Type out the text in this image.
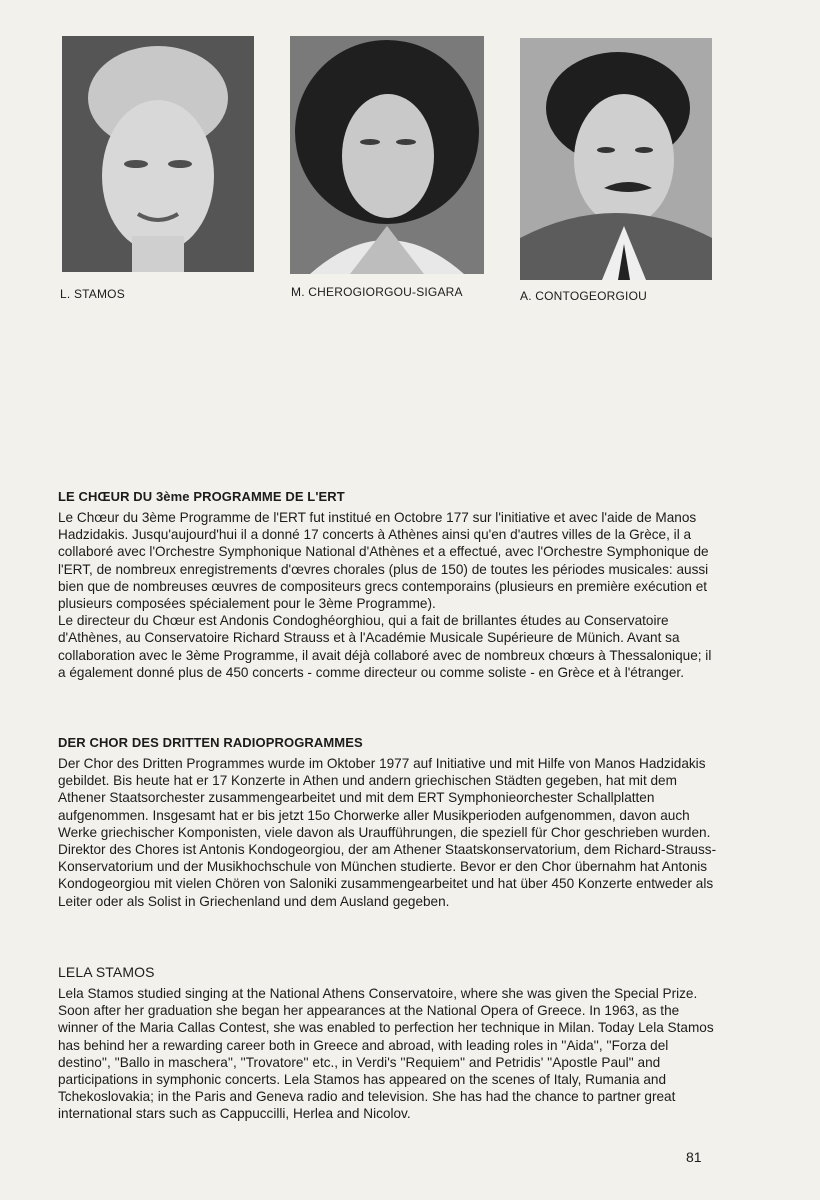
L. STAMOS	M. CHEROGIORGOU-SIGARA	A. CONTOGEORGIOU
LE CHŒUR DU 3ème PROGRAMME DE L'ERT

Le Chœur du 3ème Programme de l'ERT fut institué en Octobre 177 sur l'initiative et avec l'aide de Manos Hadzidakis. Jusqu'aujourd'hui il a donné 17 concerts à Athènes ainsi qu'en d'autres villes de la Grèce, il a collaboré avec l'Orchestre Symphonique National d'Athènes et a effectué, avec l'Orchestre Symphonique de l'ERT, de nombreux enregistrements d'œvres chorales (plus de 150) de toutes les périodes musicales: aussi bien que de nombreuses œuvres de compositeurs grecs contemporains (plusieurs en première exécution et plusieurs composées spécialement pour le 3ème Programme).

Le directeur du Chœur est Andonis Condoghéorghiou, qui a fait de brillantes études au Conservatoire d'Athènes, au Conservatoire Richard Strauss et à l'Académie Musicale Supérieure de Münich. Avant sa collaboration avec le 3ème Programme, il avait déjà collaboré avec de nombreux chœurs à Thessalonique; il a également donné plus de 450 concerts - comme directeur ou comme soliste - en Grèce et à l'étranger.

DER CHOR DES DRITTEN RADIOPROGRAMMES

Der Chor des Dritten Programmes wurde im Oktober 1977 auf Initiative und mit Hilfe von Manos Hadzidakis gebildet. Bis heute hat er 17 Konzerte in Athen und andern griechischen Städten gegeben, hat mit dem Athener Staatsorchester zusammengearbeitet und mit dem ERT Symphonieorchester Schallplatten aufgenommen. Insgesamt hat er bis jetzt 15o Chorwerke aller Musikperioden aufgenommen, davon auch Werke griechischer Komponisten, viele davon als Uraufführungen, die speziell für Chor geschrieben wurden. Direktor des Chores ist Antonis Kondogeorgiou, der am Athener Staatskonservatorium, dem Richard-Strauss-Konservatorium und der Musikhochschule von München studierte. Bevor er den Chor übernahm hat Antonis Kondogeorgiou mit vielen Chören von Saloniki zusammengearbeitet und hat über 450 Konzerte entweder als Leiter oder als Solist in Griechenland und dem Ausland gegeben.

LELA STAMOS

Lela Stamos studied singing at the National Athens Conservatoire, where she was given the Special Prize. Soon after her graduation she began her appearances at the National Opera of Greece. In 1963, as the winner of the Maria Callas Contest, she was enabled to perfection her technique in Milan. Today Lela Stamos has behind her a rewarding career both in Greece and abroad, with leading roles in ''Aida'', ''Forza del destino'', ''Ballo in maschera'', ''Trovatore'' etc., in Verdi's ''Requiem'' and Petridis' ''Apostle Paul'' and participations in symphonic concerts. Lela Stamos has appeared on the scenes of Italy, Rumania and Tchekoslovakia; in the Paris and Geneva radio and television. She has had the chance to partner great international stars such as Cappuccilli, Herlea and Nicolov.

81
